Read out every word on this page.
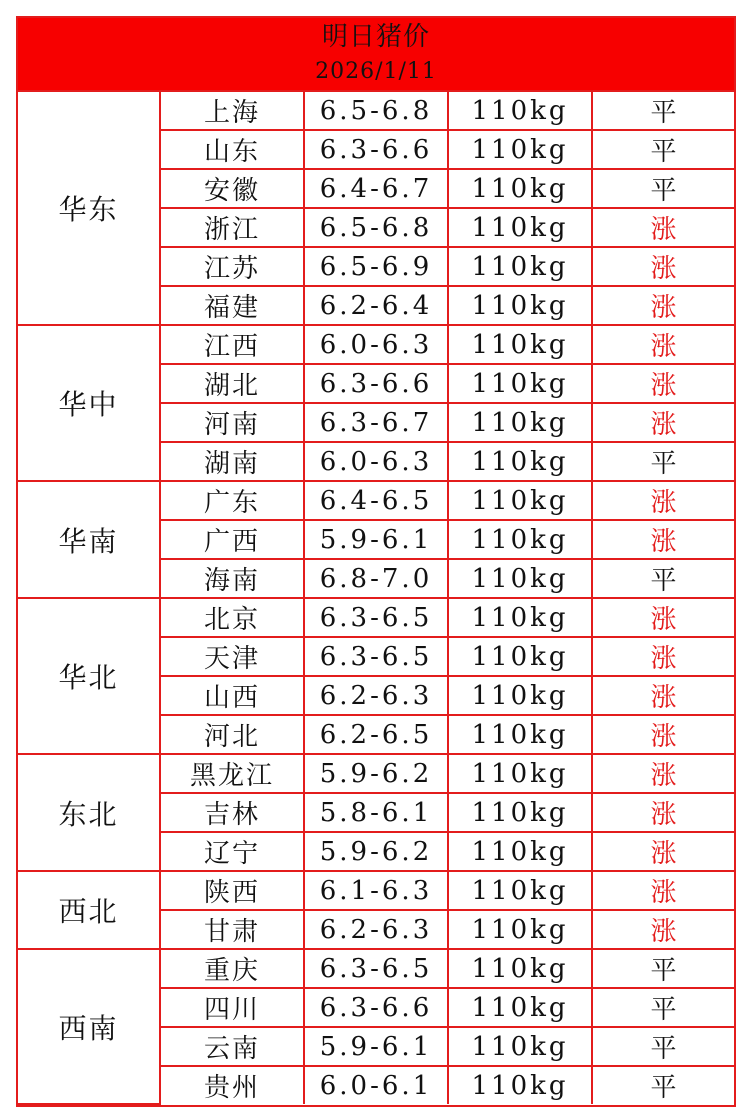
明日猪价
2026/1/11
华东	上海	6.5-6.8	110kg	平
	山东	6.3-6.6	110kg	平
	安徽	6.4-6.7	110kg	平
	浙江	6.5-6.8	110kg	涨
	江苏	6.5-6.9	110kg	涨
	福建	6.2-6.4	110kg	涨
华中	江西	6.0-6.3	110kg	涨
	湖北	6.3-6.6	110kg	涨
	河南	6.3-6.7	110kg	涨
	湖南	6.0-6.3	110kg	平
华南	广东	6.4-6.5	110kg	涨
	广西	5.9-6.1	110kg	涨
	海南	6.8-7.0	110kg	平
华北	北京	6.3-6.5	110kg	涨
	天津	6.3-6.5	110kg	涨
	山西	6.2-6.3	110kg	涨
	河北	6.2-6.5	110kg	涨
东北	黑龙江	5.9-6.2	110kg	涨
	吉林	5.8-6.1	110kg	涨
	辽宁	5.9-6.2	110kg	涨
西北	陕西	6.1-6.3	110kg	涨
	甘肃	6.2-6.3	110kg	涨
西南	重庆	6.3-6.5	110kg	平
	四川	6.3-6.6	110kg	平
	云南	5.9-6.1	110kg	平
	贵州	6.0-6.1	110kg	平
